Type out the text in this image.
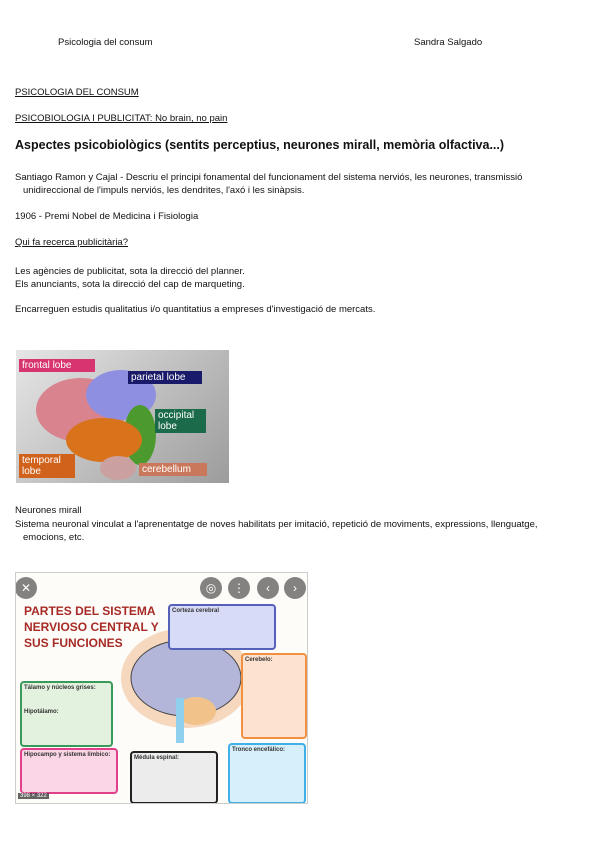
Psicologia del consum	Sandra Salgado
PSICOLOGIA DEL CONSUM
PSICOBIOLOGIA I PUBLICITAT: No brain, no pain
Aspectes psicobiològics (sentits perceptius, neurones mirall, memòria olfactiva...)
Santiago Ramon y Cajal - Descriu el principi fonamental del funcionament del sistema nerviós, les neurones, transmissió
unidireccional de l'impuls nerviós, les dendrites, l'axó i les sinàpsis.
1906 - Premi Nobel de Medicina i Fisiologia
Qui fa recerca publicitària?
Les agències de publicitat, sota la direcció del planner.
Els anunciants, sota la direcció del cap de marqueting.
Encarreguen estudis qualitatius i/o quantitatius a empreses d'investigació de mercats.
frontal lobe
parietal lobe
occipital lobe
temporal lobe	cerebellum
Neurones mirall
Sistema neuronal vinculat a l'aprenentatge de noves habilitats per imitació, repetició de moviments, expressions, llenguatge,
emocions, etc.
PARTES DEL SISTEMA NERVIOSO CENTRAL Y SUS FUNCIONES
Corteza cerebral
Cerebelo:
Tálamo y núcleos grises:

Hipotálamo:
Hipocampo y sistema límbico:	Médula espinal:
Tronco encefálico:
✕	◎	⋮	‹	›
398 × 322
